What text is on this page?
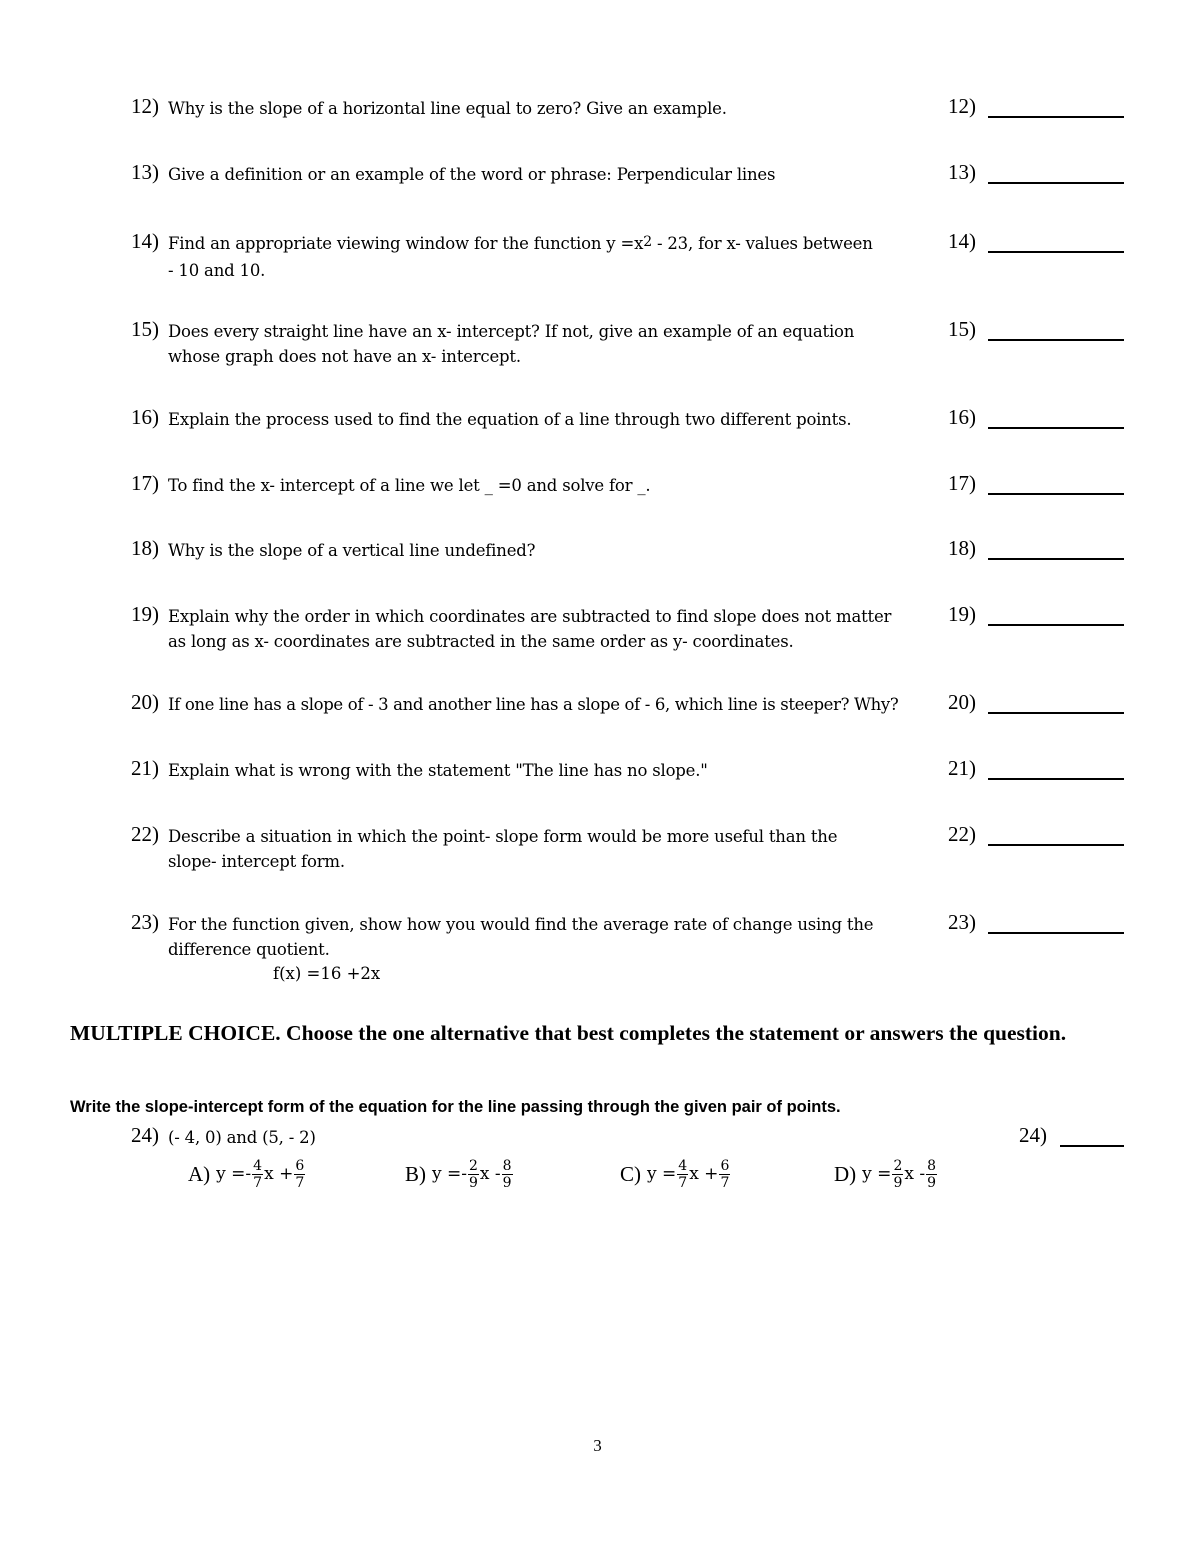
12) Why is the slope of a horizontal line equal to zero? Give an example.	12)
13) Give a definition or an example of the word or phrase: Perpendicular lines	13)
14) Find an appropriate viewing window for the function $y =x^2 - 23$, for x- values between
- 10 and 10.
14)
15) Does every straight line have an x- intercept? If not, give an example of an equation
whose graph does not have an x- intercept.
15)
16) Explain the process used to find the equation of a line through two different points.	16)
17) To find the x- intercept of a line we let _ =0 and solve for _.	17)
18) Why is the slope of a vertical line undefined?	18)
19) Explain why the order in which coordinates are subtracted to find slope does not matter
as long as x- coordinates are subtracted in the same order as y- coordinates.
19)
20) If one line has a slope of - 3 and another line has a slope of - 6, which line is steeper? Why?	20)
21) Explain what is wrong with the statement "The line has no slope."	21)
22) Describe a situation in which the point- slope form would be more useful than the
slope- intercept form.
22)
23) For the function given, show how you would find the average rate of change using the
difference quotient.
f(x) =16 +2x
23)
MULTIPLE CHOICE. Choose the one alternative that best completes the statement or answers the question.
Write the slope-intercept form of the equation for the line passing through the given pair of points.
24) (- 4, 0) and (5, - 2)	24)
A) $y =- \frac{4}{7}$ $x + \frac{6}{7}$	B) $y =- \frac{2}{9}$ x - $\frac{8}{9}$	C) $y = \frac{4}{7}$ $x + \frac{6}{7}$	D) $y = \frac{2}{9}$ x - $\frac{8}{9}$
3
